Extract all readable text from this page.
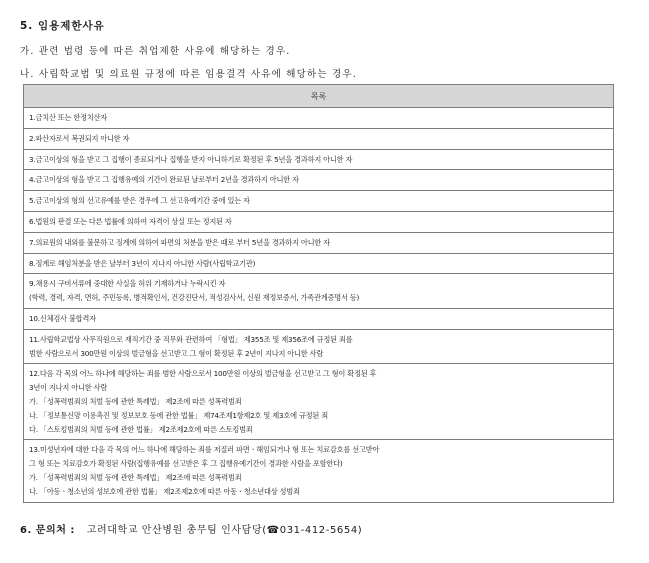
5. 임용제한사유
가. 관련 법령 등에 따른 취업제한 사유에 해당하는 경우.
나. 사립학교법 및 의료원 규정에 따른 임용결격 사유에 해당하는 경우.
목록
1.금치산 또는 한정치산자
2.파산자로서 복권되지 아니한 자
3.금고이상의 형을 받고 그 집행이 종료되거나 집행을 받지 아니하기로 확정된 후 5년을 경과하지 아니한 자
4.금고이상의 형을 받고 그 집행유예의 기간이 완료된 날로부터 2년을 경과하지 아니한 자
5.금고이상의 형의 선고유예를 받은 경우에 그 선고유예기간 중에 있는 자
6.법원의 판결 또는 다른 법률에 의하여 자격이 상실 또는 정지된 자
7.의료원의 내외를 불문하고 징계에 의하여 파면의 처분을 받은 때로 부터 5년을 경과하지 아니한 자
8.징계로 해임처분을 받은 날부터 3년이 지나지 아니한 사람(사립학교기관)

9.채용시 구비서류에 중대한 사실을 허위 기재하거나 누락시킨 자
(학력, 경력, 자격, 면허, 주민등록, 병적확인서, 건강진단서, 적성검사서, 신원 재정보증서, 가족관계증명서 등)

10.신체검사 불합격자

11.사립학교법상 사무직원으로 재직기간 중 직무와 관련하여 「형법」 제355조 및 제356조에 규정된 죄를
범한 사람으로서 300만원 이상의 벌금형을 선고받고 그 형이 확정된 후 2년이 지나지 아니한 사람

12.다음 각 목의 어느 하나에 해당하는 죄를 범한 사람으로서 100만원 이상의 벌금형을 선고받고 그 형이 확정된 후
3년이 지나지 아니한 사람
가. 「성폭력범죄의 처벌 등에 관한 특례법」 제2조에 따른 성폭력범죄
나. 「정보통신망 이용촉진 및 정보보호 등에 관한 법률」 제74조제1항제2호 및 제3호에 규정된 죄
다. 「스토킹범죄의 처벌 등에 관한 법률」 제2조제2호에 따른 스토킹범죄

13.미성년자에 대한 다음 각 목의 어느 하나에 해당하는 죄를 저질러 파면ㆍ해임되거나 형 또는 치료감호를 선고받아
그 형 또는 치료감호가 확정된 사람(집행유예를 선고받은 후 그 집행유예기간이 경과한 사람을 포함한다)
가. 「성폭력범죄의 처벌 등에 관한 특례법」 제2조에 따른 성폭력범죄
나. 「아동ㆍ청소년의 성보호에 관한 법률」 제2조제2호에 따른 아동ㆍ청소년대상 성범죄
6. 문의처 : 고려대학교 안산병원 총무팀 인사담당(☎031-412-5654)
